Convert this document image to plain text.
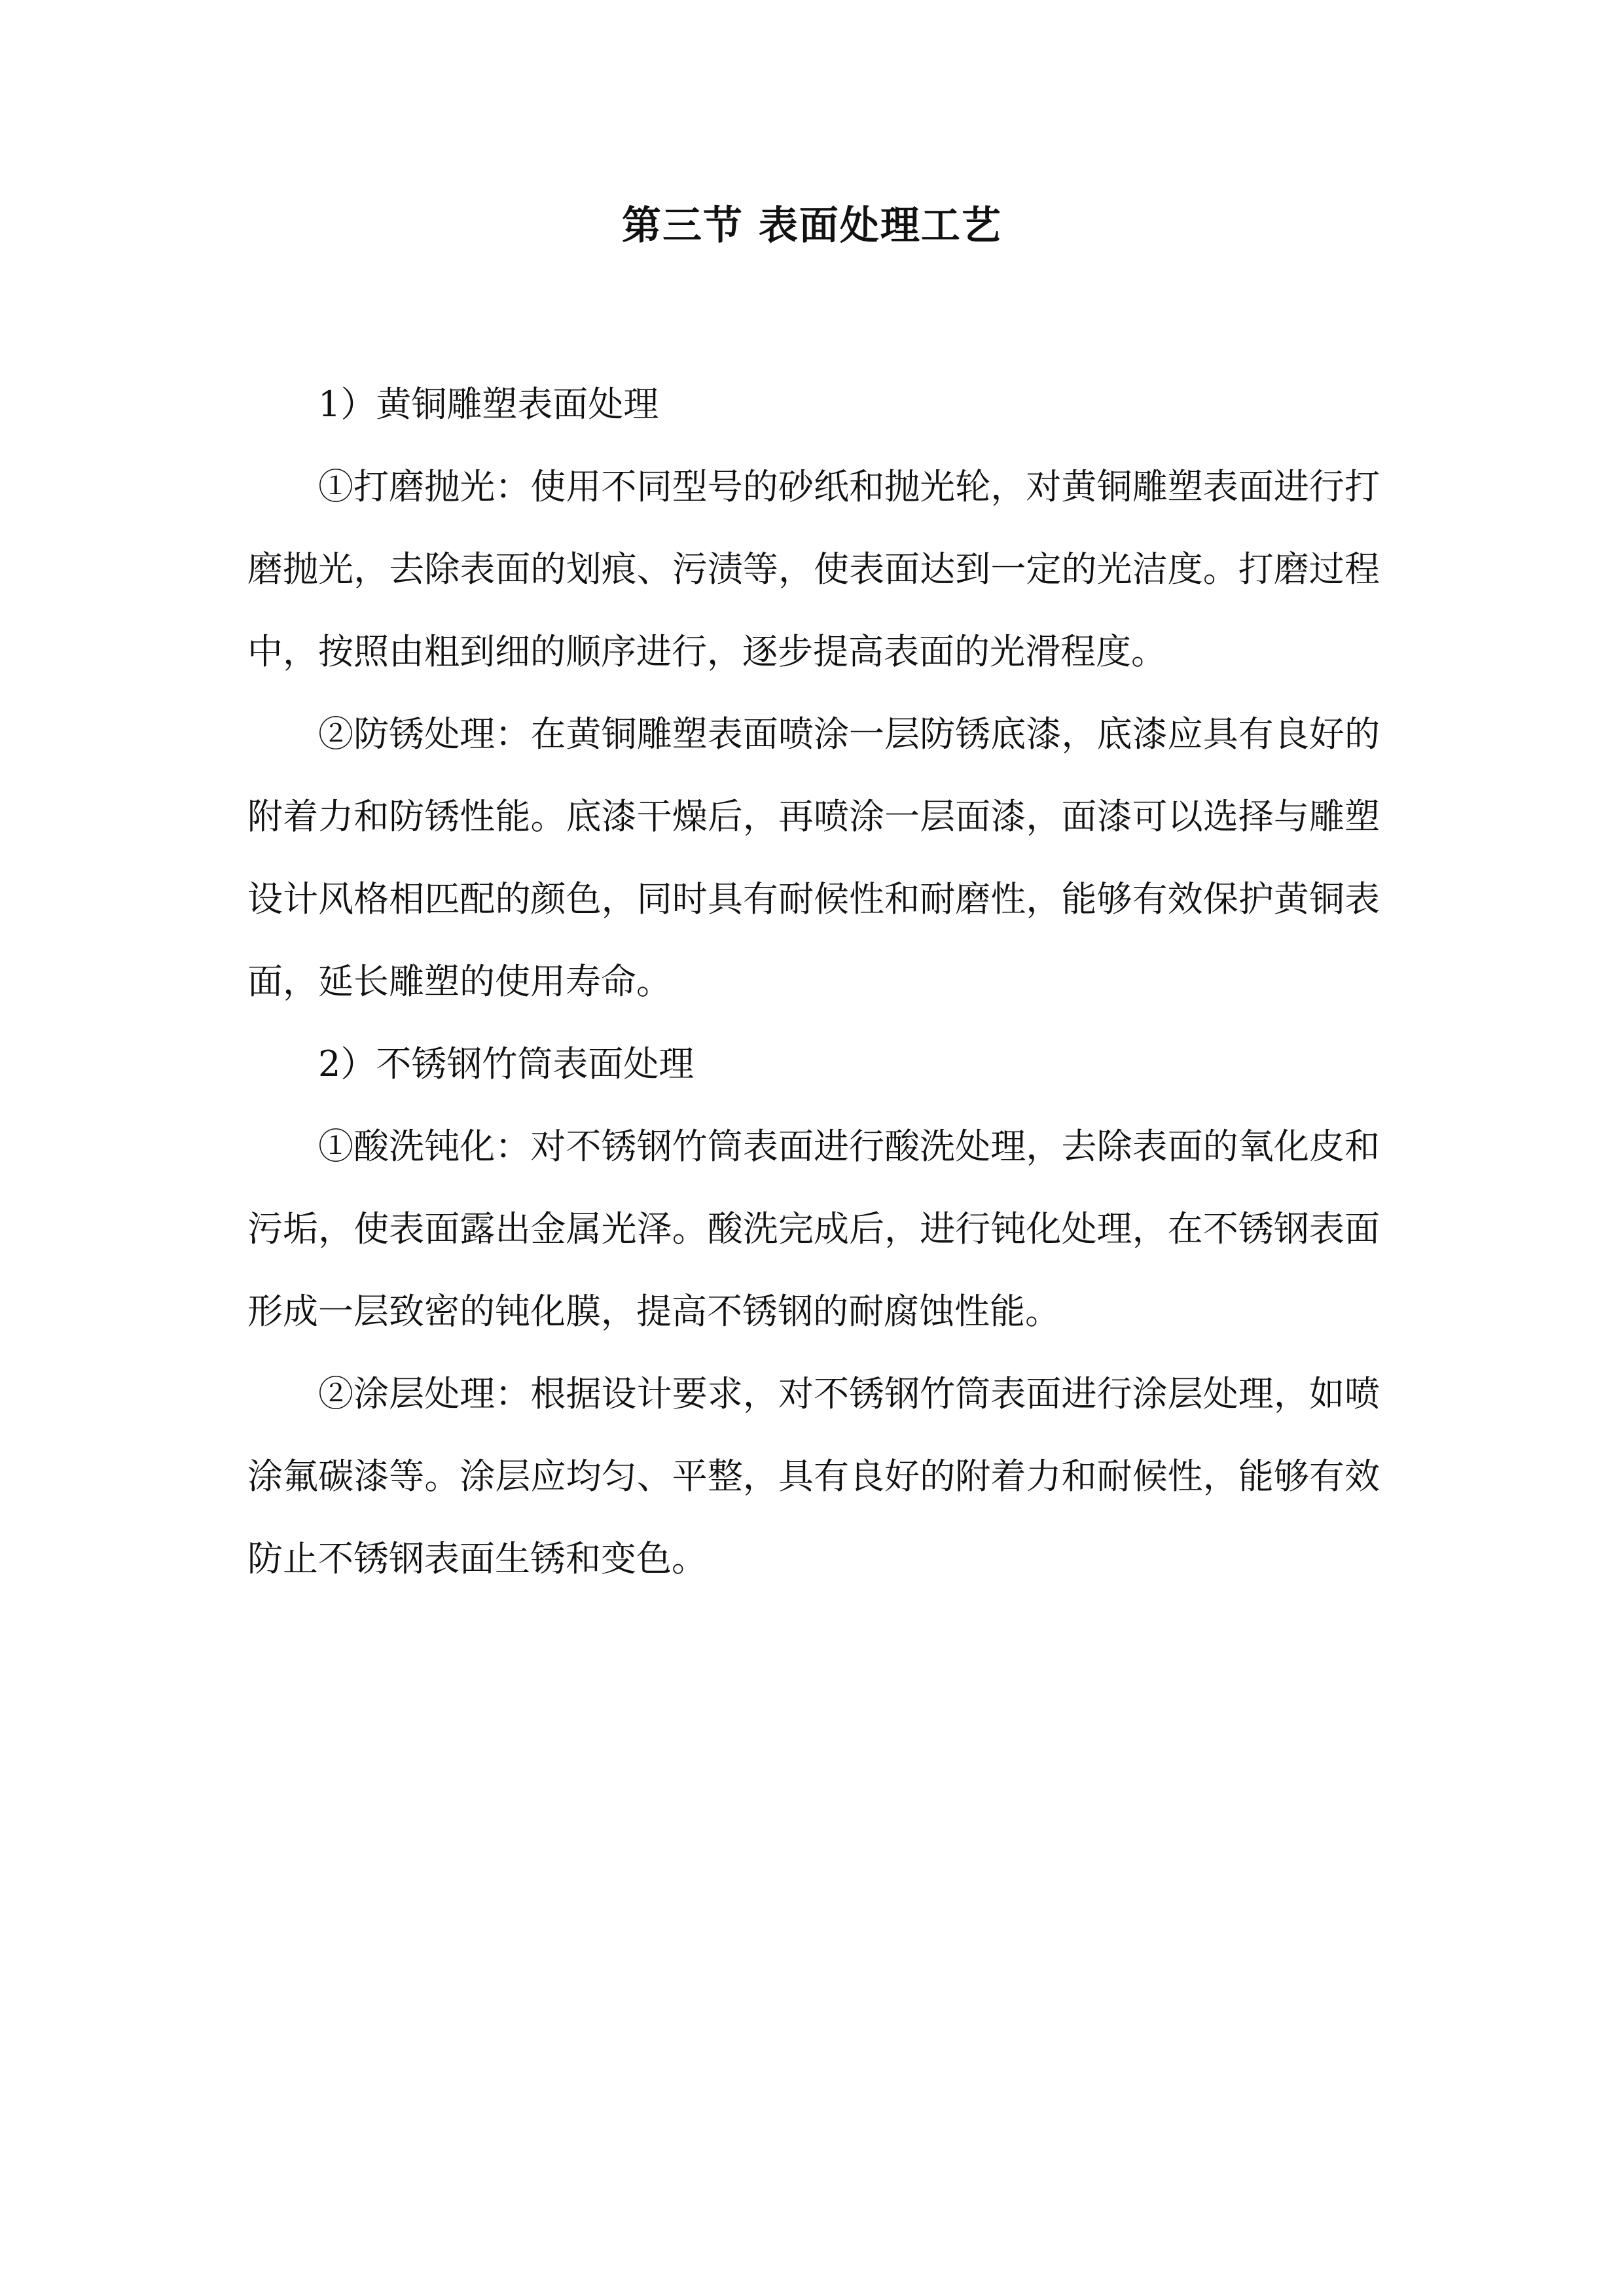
第三节 表面处理工艺

1）黄铜雕塑表面处理

①打磨抛光：使用不同型号的砂纸和抛光轮，对黄铜雕塑表面进行打磨抛光，去除表面的划痕、污渍等，使表面达到一定的光洁度。打磨过程中，按照由粗到细的顺序进行，逐步提高表面的光滑程度。

②防锈处理：在黄铜雕塑表面喷涂一层防锈底漆，底漆应具有良好的附着力和防锈性能。底漆干燥后，再喷涂一层面漆，面漆可以选择与雕塑设计风格相匹配的颜色，同时具有耐候性和耐磨性，能够有效保护黄铜表面，延长雕塑的使用寿命。

2）不锈钢竹筒表面处理

①酸洗钝化：对不锈钢竹筒表面进行酸洗处理，去除表面的氧化皮和污垢，使表面露出金属光泽。酸洗完成后，进行钝化处理，在不锈钢表面形成一层致密的钝化膜，提高不锈钢的耐腐蚀性能。

②涂层处理：根据设计要求，对不锈钢竹筒表面进行涂层处理，如喷涂氟碳漆等。涂层应均匀、平整，具有良好的附着力和耐候性，能够有效防止不锈钢表面生锈和变色。
